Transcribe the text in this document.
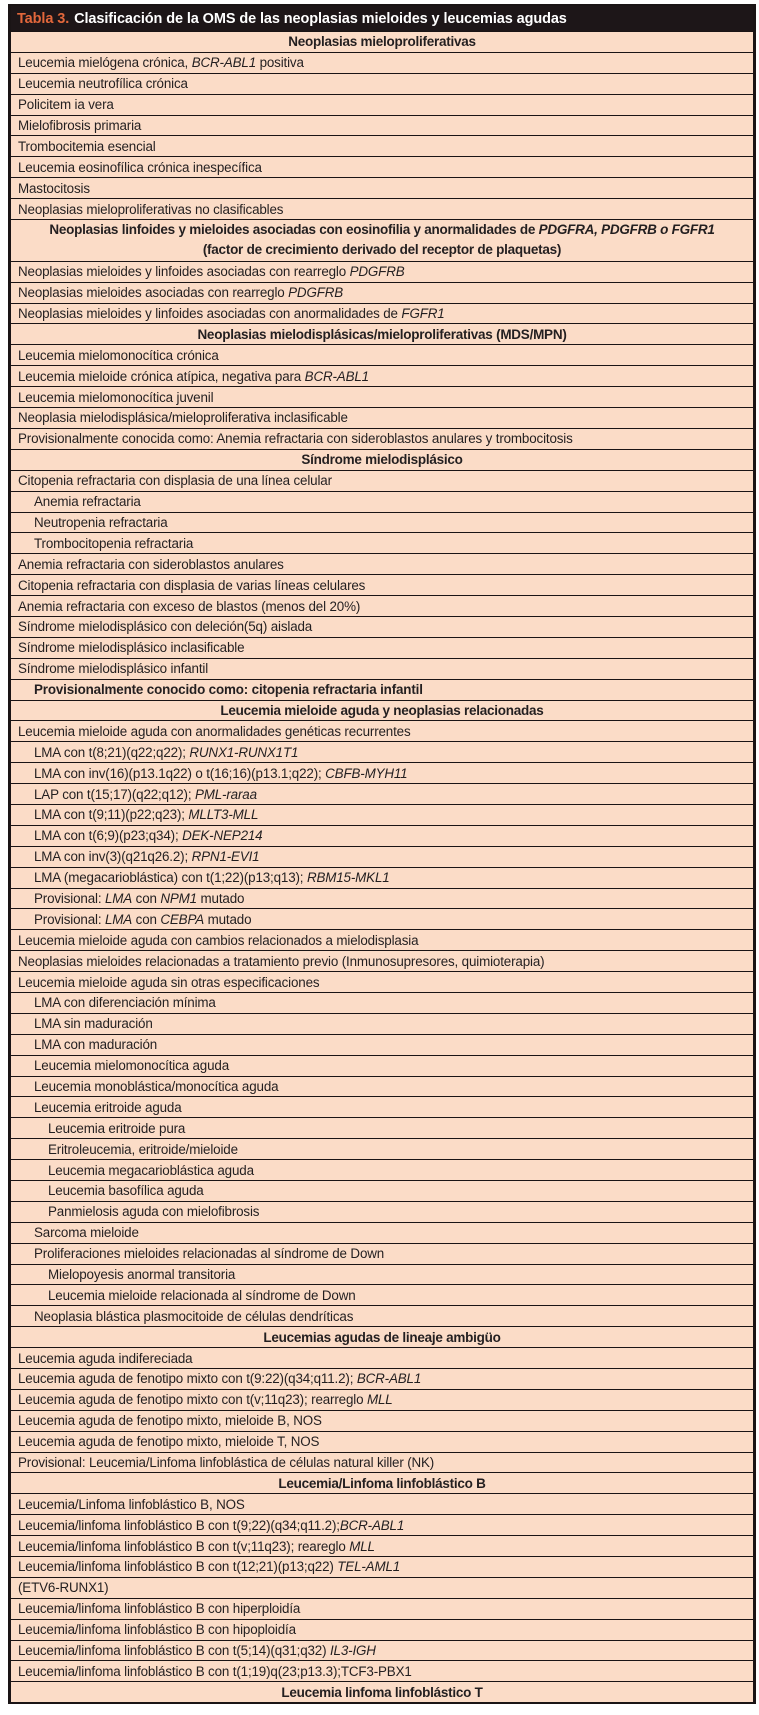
Tabla 3. Clasificación de la OMS de las neoplasias mieloides y leucemias agudas
Neoplasias mieloproliferativas
Leucemia mielógena crónica, BCR-ABL1 positiva
Leucemia neutrofílica crónica
Policitem ia vera
Mielofibrosis primaria
Trombocitemia esencial
Leucemia eosinofílica crónica inespecífica
Mastocitosis
Neoplasias mieloproliferativas no clasificables
Neoplasias linfoides y mieloides asociadas con eosinofilia y anormalidades de PDGFRA, PDGFRB o FGFR1
(factor de crecimiento derivado del receptor de plaquetas)
Neoplasias mieloides y linfoides asociadas con rearreglo PDGFRB
Neoplasias mieloides asociadas con rearreglo PDGFRB
Neoplasias mieloides y linfoides asociadas con anormalidades de FGFR1
Neoplasias mielodisplásicas/mieloproliferativas (MDS/MPN)
Leucemia mielomonocítica crónica
Leucemia mieloide crónica atípica, negativa para BCR-ABL1
Leucemia mielomonocítica juvenil
Neoplasia mielodisplásica/mieloproliferativa inclasificable
Provisionalmente conocida como: Anemia refractaria con sideroblastos anulares y trombocitosis
Síndrome mielodisplásico
Citopenia refractaria con displasia de una línea celular
Anemia refractaria
Neutropenia refractaria
Trombocitopenia refractaria
Anemia refractaria con sideroblastos anulares
Citopenia refractaria con displasia de varias líneas celulares
Anemia refractaria con exceso de blastos (menos del 20%)
Síndrome mielodisplásico con deleción(5q) aislada
Síndrome mielodisplásico inclasificable
Síndrome mielodisplásico infantil
Provisionalmente conocido como: citopenia refractaria infantil
Leucemia mieloide aguda y neoplasias relacionadas
Leucemia mieloide aguda con anormalidades genéticas recurrentes
LMA con t(8;21)(q22;q22); RUNX1-RUNX1T1
LMA con inv(16)(p13.1q22) o t(16;16)(p13.1;q22); CBFB-MYH11
LAP con t(15;17)(q22;q12); PML-raraa
LMA con t(9;11)(p22;q23); MLLT3-MLL
LMA con t(6;9)(p23;q34); DEK-NEP214
LMA con inv(3)(q21q26.2); RPN1-EVI1
LMA (megacarioblástica) con t(1;22)(p13;q13); RBM15-MKL1
Provisional: LMA con NPM1 mutado
Provisional: LMA con CEBPA mutado
Leucemia mieloide aguda con cambios relacionados a mielodisplasia
Neoplasias mieloides relacionadas a tratamiento previo (Inmunosupresores, quimioterapia)
Leucemia mieloide aguda sin otras especificaciones
LMA con diferenciación mínima
LMA sin maduración
LMA con maduración
Leucemia mielomonocítica aguda
Leucemia monoblástica/monocítica aguda
Leucemia eritroide aguda
Leucemia eritroide pura
Eritroleucemia, eritroide/mieloide
Leucemia megacarioblástica aguda
Leucemia basofílica aguda
Panmielosis aguda con mielofibrosis
Sarcoma mieloide
Proliferaciones mieloides relacionadas al síndrome de Down
Mielopoyesis anormal transitoria
Leucemia mieloide relacionada al síndrome de Down
Neoplasia blástica plasmocitoide de células dendríticas
Leucemias agudas de lineaje ambigüo
Leucemia aguda indifereciada
Leucemia aguda de fenotipo mixto con t(9:22)(q34;q11.2); BCR-ABL1
Leucemia aguda de fenotipo mixto con t(v;11q23); rearreglo MLL
Leucemia aguda de fenotipo mixto, mieloide B, NOS
Leucemia aguda de fenotipo mixto, mieloide T, NOS
Provisional: Leucemia/Linfoma linfoblástica de células natural killer (NK)
Leucemia/Linfoma linfoblástico B
Leucemia/Linfoma linfoblástico B, NOS
Leucemia/linfoma linfoblástico B con t(9;22)(q34;q11.2);BCR-ABL1
Leucemia/linfoma linfoblástico B con t(v;11q23); reareglo MLL
Leucemia/linfoma linfoblástico B con t(12;21)(p13;q22) TEL-AML1
(ETV6-RUNX1)
Leucemia/linfoma linfoblástico B con hiperploidía
Leucemia/linfoma linfoblástico B con hipoploidía
Leucemia/linfoma linfoblástico B con t(5;14)(q31;q32) IL3-IGH
Leucemia/linfoma linfoblástico B con t(1;19)q(23;p13.3);TCF3-PBX1
Leucemia linfoma linfoblástico T
